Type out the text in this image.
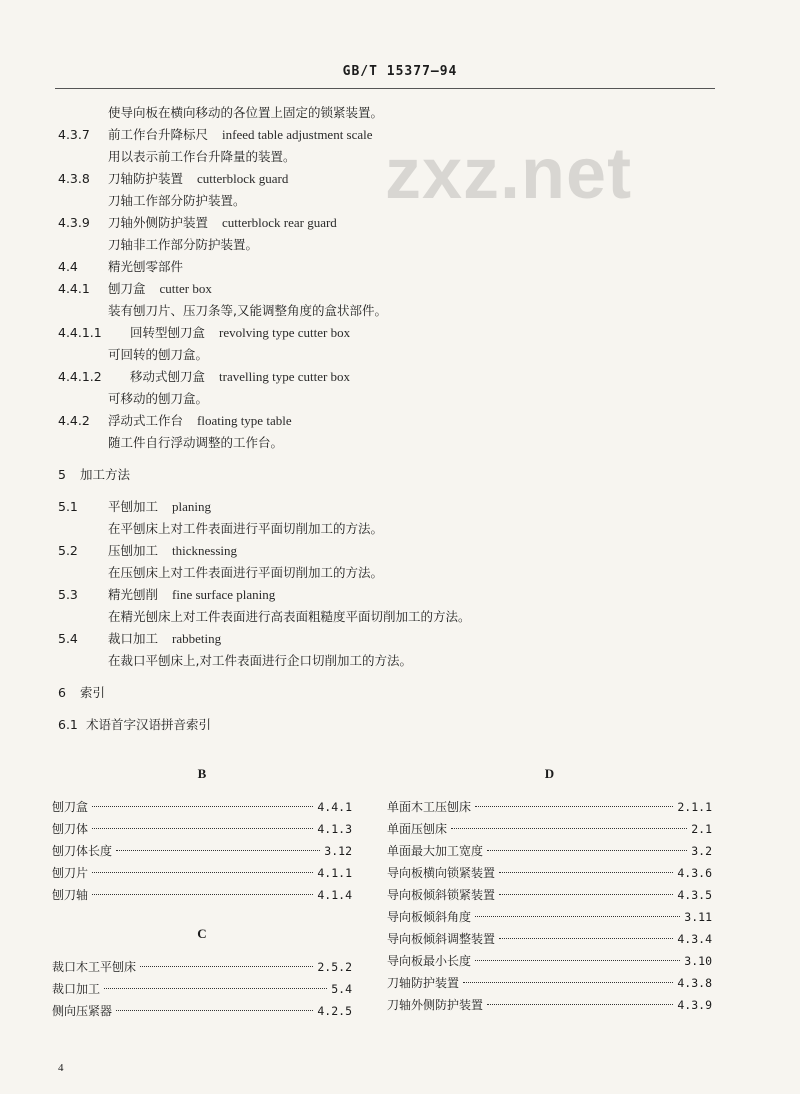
GB/T 15377—94
zxz.net
使导向板在横向移动的各位置上固定的锁紧装置。
4.3.7 前工作台升降标尺 infeed table adjustment scale
用以表示前工作台升降量的装置。
4.3.8 刀轴防护装置 cutterblock guard
刀轴工作部分防护装置。
4.3.9 刀轴外侧防护装置 cutterblock rear guard
刀轴非工作部分防护装置。
4.4 精光刨零部件
4.4.1 刨刀盒 cutter box
装有刨刀片、压刀条等,又能调整角度的盒状部件。
4.4.1.1 回转型刨刀盒 revolving type cutter box
可回转的刨刀盒。
4.4.1.2 移动式刨刀盒 travelling type cutter box
可移动的刨刀盒。
4.4.2 浮动式工作台 floating type table
随工件自行浮动调整的工作台。
5 加工方法
5.1 平刨加工 planing
在平刨床上对工件表面进行平面切削加工的方法。
5.2 压刨加工 thicknessing
在压刨床上对工件表面进行平面切削加工的方法。
5.3 精光刨削 fine surface planing
在精光刨床上对工件表面进行高表面粗糙度平面切削加工的方法。
5.4 裁口加工 rabbeting
在裁口平刨床上,对工件表面进行企口切削加工的方法。
6 索引
6.1 术语首字汉语拼音索引
B
刨刀盒	4.4.1
刨刀体	4.1.3
刨刀体长度	3.12
刨刀片	4.1.1
刨刀轴	4.1.4
C
裁口木工平刨床	2.5.2
裁口加工	5.4
侧向压紧器	4.2.5
D
单面木工压刨床	2.1.1
单面压刨床	2.1
单面最大加工宽度	3.2
导向板横向锁紧装置	4.3.6
导向板倾斜锁紧装置	4.3.5
导向板倾斜角度	3.11
导向板倾斜调整装置	4.3.4
导向板最小长度	3.10
刀轴防护装置	4.3.8
刀轴外侧防护装置	4.3.9
4
